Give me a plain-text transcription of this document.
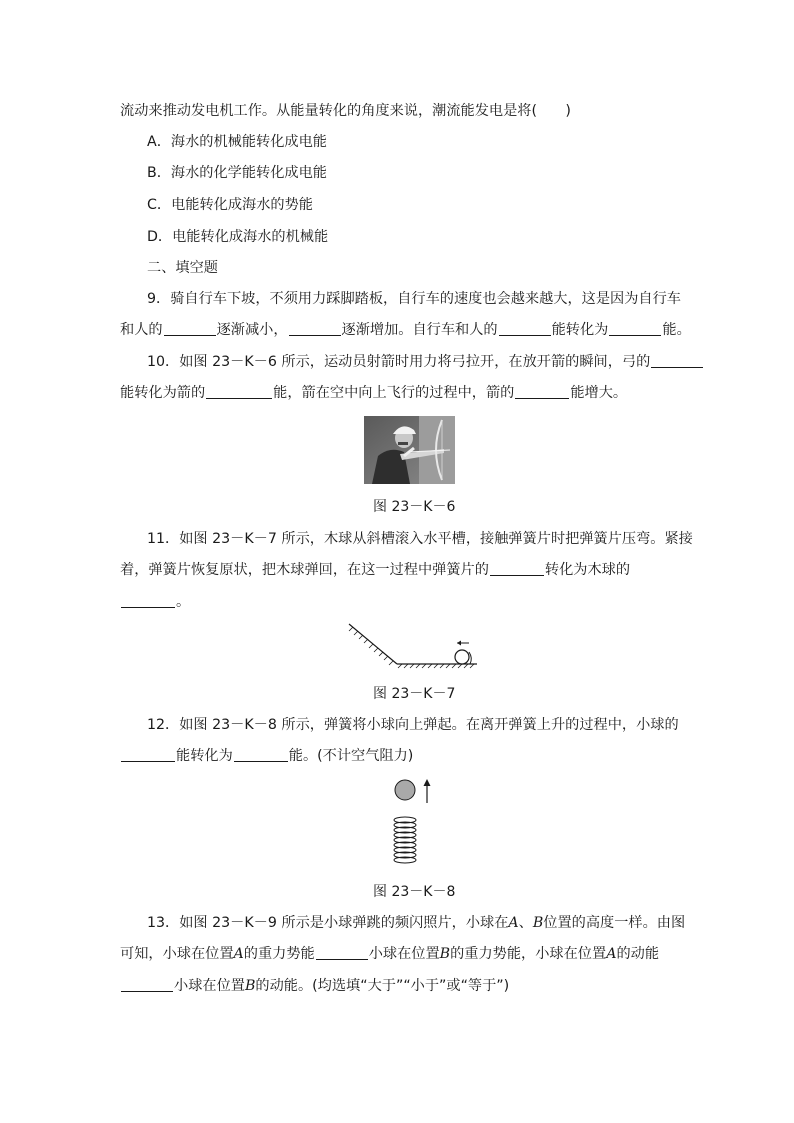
流动来推动发电机工作。从能量转化的角度来说，潮流能发电是将(　　)
A．海水的机械能转化成电能
B．海水的化学能转化成电能
C．电能转化成海水的势能
D．电能转化成海水的机械能
二、填空题
9．骑自行车下坡，不须用力踩脚踏板，自行车的速度也会越来越大，这是因为自行车
和人的	逐渐减小，	逐渐增加。自行车和人的	能转化为	能。
10．如图 23－K－6 所示，运动员射箭时用力将弓拉开，在放开箭的瞬间，弓的
能转化为箭的	能，箭在空中向上飞行的过程中，箭的	能增大。
图 23－K－6
11．如图 23－K－7 所示，木球从斜槽滚入水平槽，接触弹簧片时把弹簧片压弯。紧接
着，弹簧片恢复原状，把木球弹回，在这一过程中弹簧片的	转化为木球的
。
图 23－K－7
12．如图 23－K－8 所示，弹簧将小球向上弹起。在离开弹簧上升的过程中，小球的
能转化为	能。(不计空气阻力)
图 23－K－8
13．如图 23－K－9 所示是小球弹跳的频闪照片，小球在A、B位置的高度一样。由图
可知，小球在位置A的重力势能	小球在位置B的重力势能，小球在位置A的动能
小球在位置B的动能。(均选填“大于”“小于”或“等于”)
